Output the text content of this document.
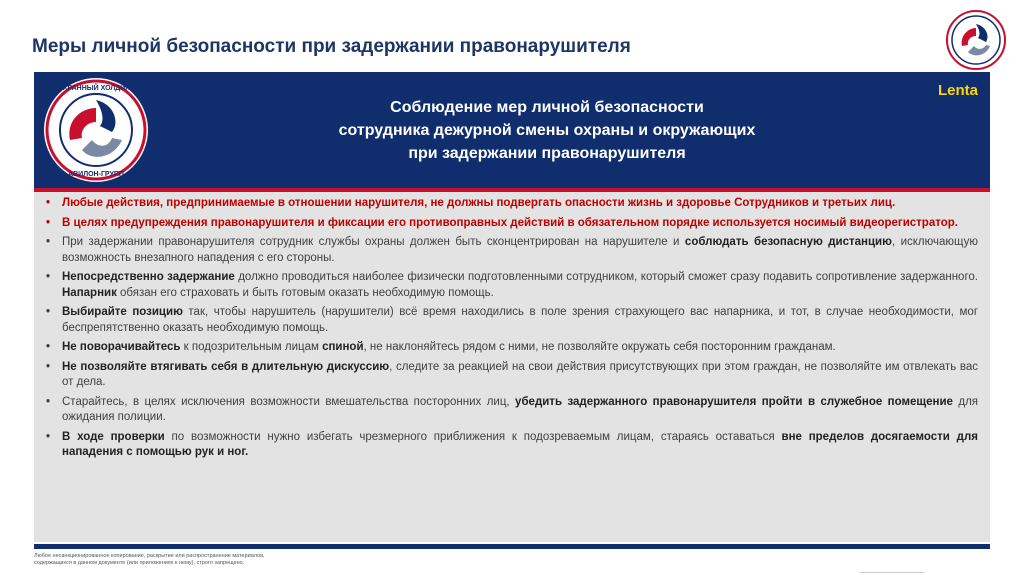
Меры личной безопасности при задержании правонарушителя
ОХРАННЫЙ ХОЛДИНГ
АВИЛОН-ГРУПП
Lenta
Соблюдение мер личной безопасности
сотрудника дежурной смены охраны и окружающих
при задержании правонарушителя
• Любые действия, предпринимаемые в отношении нарушителя, не должны подвергать опасности жизнь и здоровье Сотрудников и третьих лиц.
• В целях предупреждения правонарушителя и фиксации его противоправных действий в обязательном порядке используется носимый видеорегистратор.
• При задержании правонарушителя сотрудник службы охраны должен быть сконцентрирован на нарушителе и соблюдать безопасную дистанцию, исключающую возможность внезапного нападения с его стороны.
• Непосредственно задержание должно проводиться наиболее физически подготовленными сотрудником, который сможет сразу подавить сопротивление задержанного. Напарник обязан его страховать и быть готовым оказать необходимую помощь.
• Выбирайте позицию так, чтобы нарушитель (нарушители) всё время находились в поле зрения страхующего вас напарника, и тот, в случае необходимости, мог беспрепятственно оказать необходимую помощь.
• Не поворачивайтесь к подозрительным лицам спиной, не наклоняйтесь рядом с ними, не позволяйте окружать себя посторонним гражданам.
• Не позволяйте втягивать себя в длительную дискуссию, следите за реакцией на свои действия присутствующих при этом граждан, не позволяйте им отвлекать вас от дела.
• Старайтесь, в целях исключения возможности вмешательства посторонних лиц, убедить задержанного правонарушителя пройти в служебное помещение для ожидания полиции.
• В ходе проверки по возможности нужно избегать чрезмерного приближения к подозреваемым лицам, стараясь оставаться вне пределов досягаемости для нападения с помощью рук и ног.
Любое несанкционированное копирование, раскрытие или распространение материалов, содержащихся в данном документе (или приложениях к нему), строго запрещено.
